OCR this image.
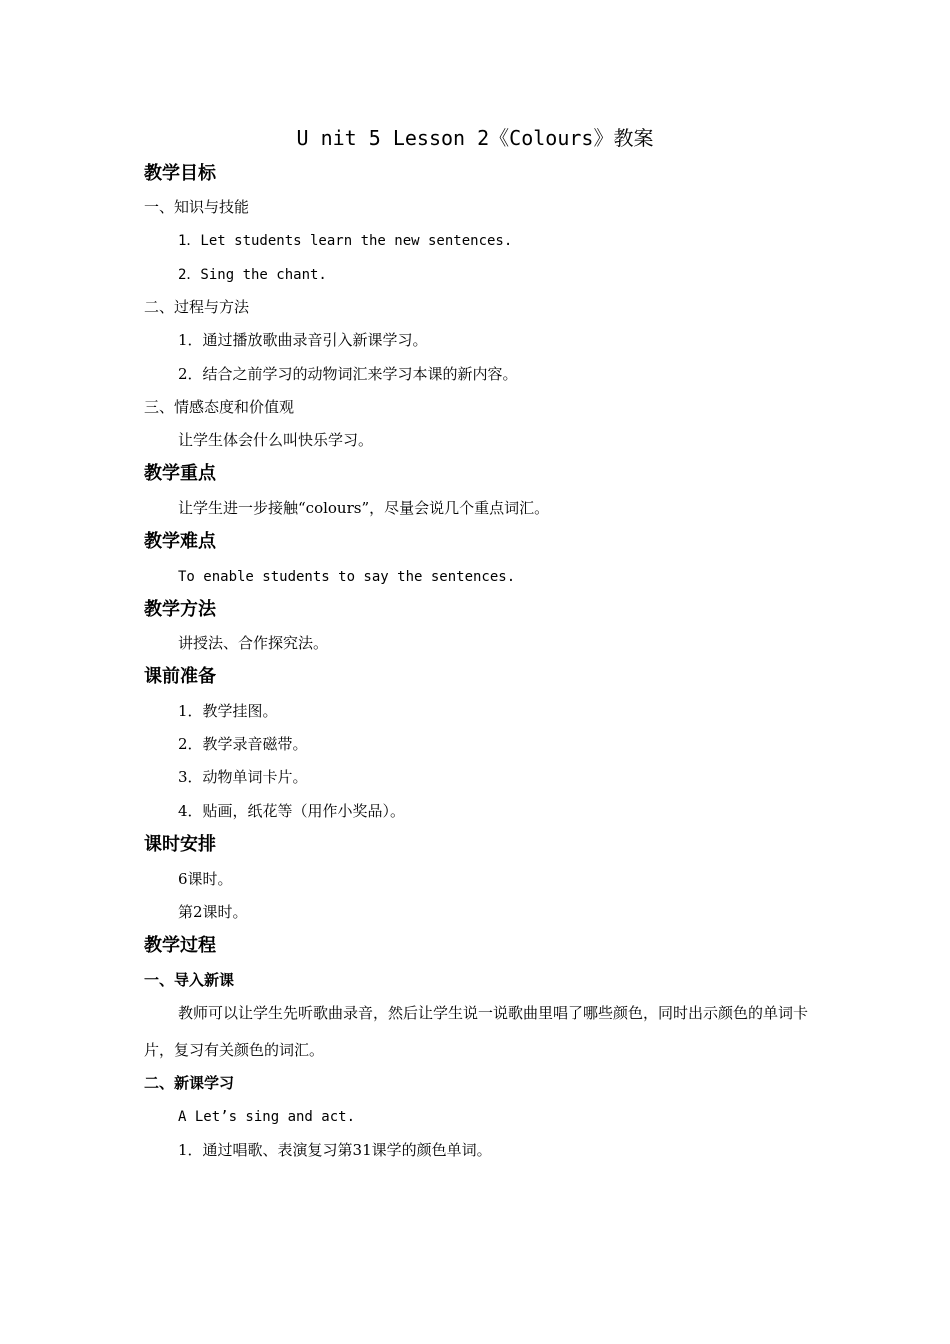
U nit 5 Lesson 2《Colours》教案
教学目标
一、知识与技能
1．Let students learn the new sentences.
2．Sing the chant.
二、过程与方法
1．通过播放歌曲录音引入新课学习。
2．结合之前学习的动物词汇来学习本课的新内容。
三、情感态度和价值观
让学生体会什么叫快乐学习。
教学重点
让学生进一步接触“colours”，尽量会说几个重点词汇。
教学难点
To enable students to say the sentences.
教学方法
讲授法、合作探究法。
课前准备
1．教学挂图。
2．教学录音磁带。
3．动物单词卡片。
4．贴画，纸花等（用作小奖品）。
课时安排
6课时。
第2课时。
教学过程
一、导入新课
教师可以让学生先听歌曲录音，然后让学生说一说歌曲里唱了哪些颜色，同时出示颜色的单词卡片，复习有关颜色的词汇。
二、新课学习
A Let’s sing and act.
1．通过唱歌、表演复习第31课学的颜色单词。
